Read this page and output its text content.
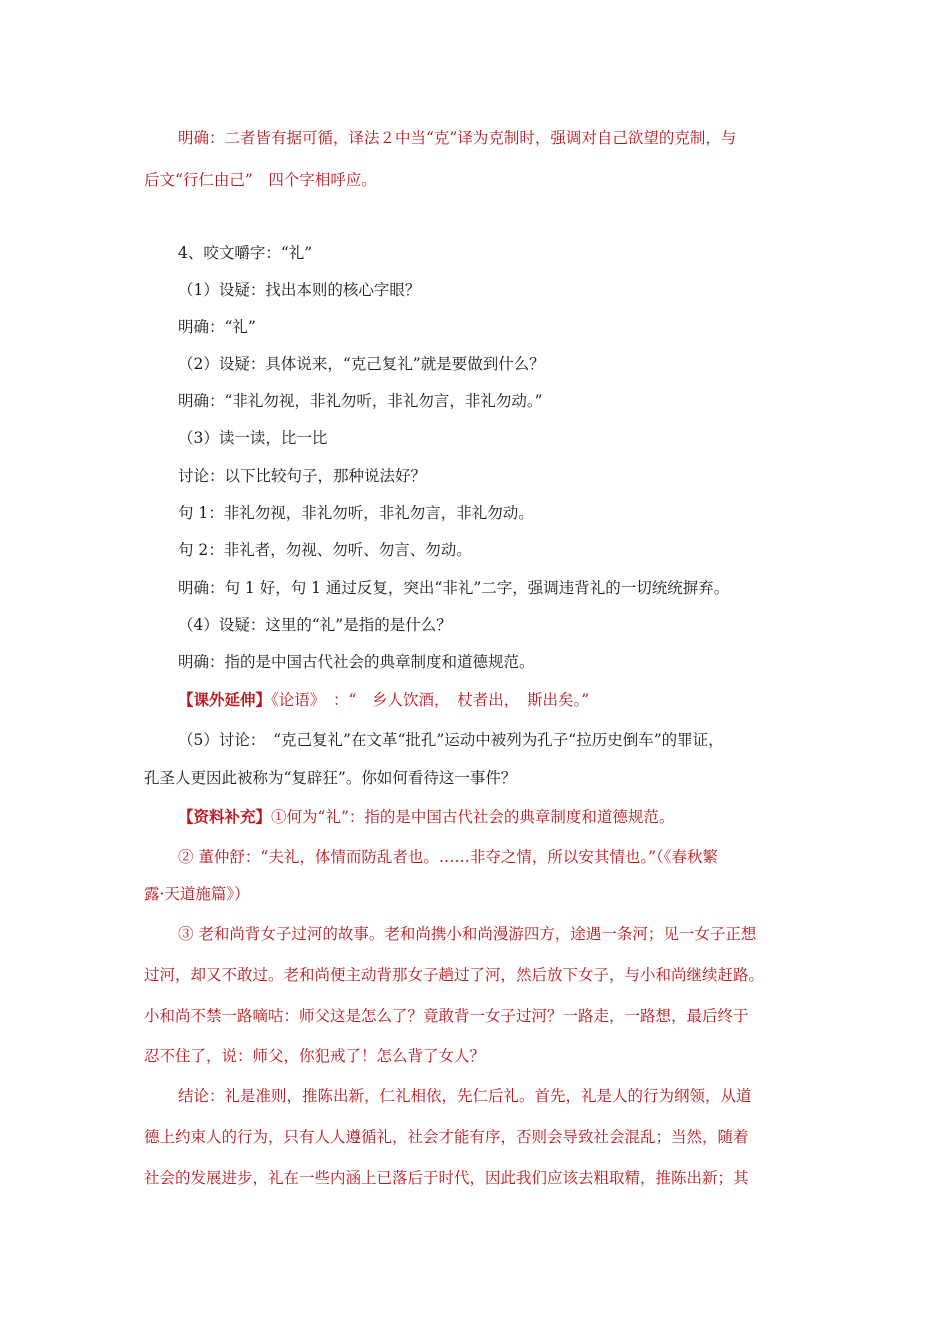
明确：二者皆有据可循，译法２中当“克”译为克制时，强调对自己欲望的克制，与
后文“行仁由己”　四个字相呼应。
4、咬文嚼字：“礼”
（1）设疑：找出本则的核心字眼？
明确：“礼”
（2）设疑：具体说来，“克己复礼”就是要做到什么？
明确：“非礼勿视，非礼勿听，非礼勿言，非礼勿动。”
（3）读一读，比一比
讨论：以下比较句子，那种说法好？
句 1：非礼勿视，非礼勿听，非礼勿言，非礼勿动。
句 2：非礼者，勿视、勿听、勿言、勿动。
明确：句 1 好，句 1 通过反复，突出“非礼”二字，强调违背礼的一切统统摒弃。
（4）设疑：这里的“礼”是指的是什么？
明确：指的是中国古代社会的典章制度和道德规范。
【课外延伸】《论语》　：“　乡人饮酒，　杖者出，　斯出矣。”
（5）讨论：　“克己复礼”在文革“批孔”运动中被列为孔子“拉历史倒车”的罪证，
孔圣人更因此被称为“复辟狂”。你如何看待这一事件？
【资料补充】①何为“礼”：指的是中国古代社会的典章制度和道德规范。
② 董仲舒：“夫礼，体情而防乱者也。……非夺之情，所以安其情也。”（《春秋繁
露·天道施篇》）
③ 老和尚背女子过河的故事。老和尚携小和尚漫游四方，途遇一条河；见一女子正想
过河，却又不敢过。老和尚便主动背那女子趟过了河，然后放下女子，与小和尚继续赶路。
小和尚不禁一路嘀咕：师父这是怎么了？竟敢背一女子过河？一路走，一路想，最后终于
忍不住了，说：师父，你犯戒了！怎么背了女人？
结论：礼是准则，推陈出新，仁礼相依，先仁后礼。首先，礼是人的行为纲领，从道
德上约束人的行为，只有人人遵循礼，社会才能有序，否则会导致社会混乱；当然，随着
社会的发展进步，礼在一些内涵上已落后于时代，因此我们应该去粗取精，推陈出新；其
